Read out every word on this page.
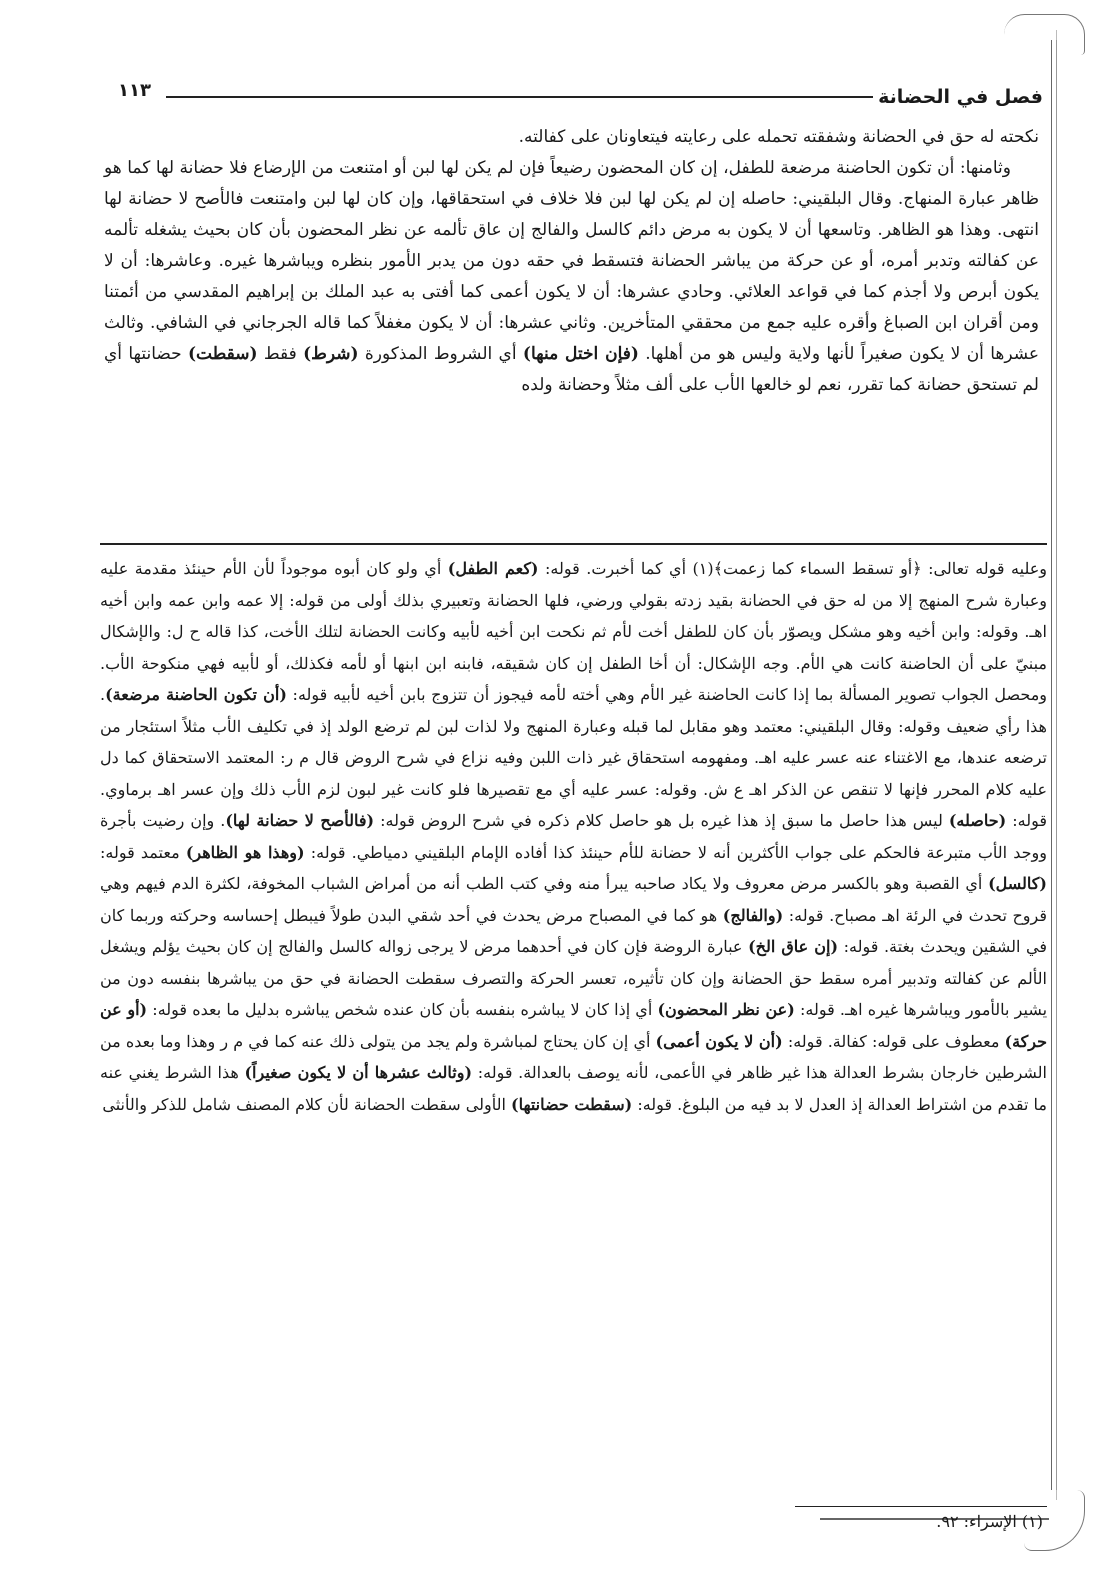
فصل في الحضانة
١١٣

نكحته له حق في الحضانة وشفقته تحمله على رعايته فيتعاونان على كفالته.

وثامنها: أن تكون الحاضنة مرضعة للطفل، إن كان المحضون رضيعاً فإن لم يكن لها لبن أو امتنعت من الإرضاع فلا حضانة لها كما هو ظاهر عبارة المنهاج. وقال البلقيني: حاصله إن لم يكن لها لبن فلا خلاف في استحقاقها، وإن كان لها لبن وامتنعت فالأصح لا حضانة لها انتهى. وهذا هو الظاهر. وتاسعها أن لا يكون به مرض دائم كالسل والفالج إن عاق تألمه عن نظر المحضون بأن كان بحيث يشغله تألمه عن كفالته وتدبر أمره، أو عن حركة من يباشر الحضانة فتسقط في حقه دون من يدبر الأمور بنظره ويباشرها غيره. وعاشرها: أن لا يكون أبرص ولا أجذم كما في قواعد العلائي. وحادي عشرها: أن لا يكون أعمى كما أفتى به عبد الملك بن إبراهيم المقدسي من أئمتنا ومن أقران ابن الصباغ وأقره عليه جمع من محققي المتأخرين. وثاني عشرها: أن لا يكون مغفلاً كما قاله الجرجاني في الشافي. وثالث عشرها أن لا يكون صغيراً لأنها ولاية وليس هو من أهلها. (فإن اختل منها) أي الشروط المذكورة (شرط) فقط (سقطت) حضانتها أي لم تستحق حضانة كما تقرر، نعم لو خالعها الأب على ألف مثلاً وحضانة ولده

وعليه قوله تعالى: ﴿أو تسقط السماء كما زعمت﴾(١) أي كما أخبرت. قوله: (كعم الطفل) أي ولو كان أبوه موجوداً لأن الأم حينئذ مقدمة عليه وعبارة شرح المنهج إلا من له حق في الحضانة بقيد زدته بقولي ورضي، فلها الحضانة وتعبيري بذلك أولى من قوله: إلا عمه وابن عمه وابن أخيه اهـ. وقوله: وابن أخيه وهو مشكل ويصوّر بأن كان للطفل أخت لأم ثم نكحت ابن أخيه لأبيه وكانت الحضانة لتلك الأخت، كذا قاله ح ل: والإشكال مبنيّ على أن الحاضنة كانت هي الأم. وجه الإشكال: أن أخا الطفل إن كان شقيقه، فابنه ابن ابنها أو لأمه فكذلك، أو لأبيه فهي منكوحة الأب. ومحصل الجواب تصوير المسألة بما إذا كانت الحاضنة غير الأم وهي أخته لأمه فيجوز أن تتزوج بابن أخيه لأبيه قوله: (أن تكون الحاضنة مرضعة). هذا رأي ضعيف وقوله: وقال البلقيني: معتمد وهو مقابل لما قبله وعبارة المنهج ولا لذات لبن لم ترضع الولد إذ في تكليف الأب مثلاً استئجار من ترضعه عندها، مع الاغتناء عنه عسر عليه اهـ. ومفهومه استحقاق غير ذات اللبن وفيه نزاع في شرح الروض قال م ر: المعتمد الاستحقاق كما دل عليه كلام المحرر فإنها لا تنقص عن الذكر اهـ ع ش. وقوله: عسر عليه أي مع تقصيرها فلو كانت غير لبون لزم الأب ذلك وإن عسر اهـ برماوي. قوله: (حاصله) ليس هذا حاصل ما سبق إذ هذا غيره بل هو حاصل كلام ذكره في شرح الروض قوله: (فالأصح لا حضانة لها). وإن رضيت بأجرة ووجد الأب متبرعة فالحكم على جواب الأكثرين أنه لا حضانة للأم حينئذ كذا أفاده الإمام البلقيني دمياطي. قوله: (وهذا هو الظاهر) معتمد قوله: (كالسل) أي القصبة وهو بالكسر مرض معروف ولا يكاد صاحبه يبرأ منه وفي كتب الطب أنه من أمراض الشباب المخوفة، لكثرة الدم فيهم وهي قروح تحدث في الرئة اهـ مصباح. قوله: (والفالج) هو كما في المصباح مرض يحدث في أحد شقي البدن طولاً فيبطل إحساسه وحركته وربما كان في الشقين ويحدث بغتة. قوله: (إن عاق الخ) عبارة الروضة فإن كان في أحدهما مرض لا يرجى زواله كالسل والفالج إن كان بحيث يؤلم ويشغل الألم عن كفالته وتدبير أمره سقط حق الحضانة وإن كان تأثيره، تعسر الحركة والتصرف سقطت الحضانة في حق من يباشرها بنفسه دون من يشير بالأمور ويباشرها غيره اهـ. قوله: (عن نظر المحضون) أي إذا كان لا يباشره بنفسه بأن كان عنده شخص يباشره بدليل ما بعده قوله: (أو عن حركة) معطوف على قوله: كفالة. قوله: (أن لا يكون أعمى) أي إن كان يحتاج لمباشرة ولم يجد من يتولى ذلك عنه كما في م ر وهذا وما بعده من الشرطين خارجان بشرط العدالة هذا غير ظاهر في الأعمى، لأنه يوصف بالعدالة. قوله: (وثالث عشرها أن لا يكون صغيراً) هذا الشرط يغني عنه ما تقدم من اشتراط العدالة إذ العدل لا بد فيه من البلوغ. قوله: (سقطت حضانتها) الأولى سقطت الحضانة لأن كلام المصنف شامل للذكر والأنثى

(١) الإسراء: ٩٢.
